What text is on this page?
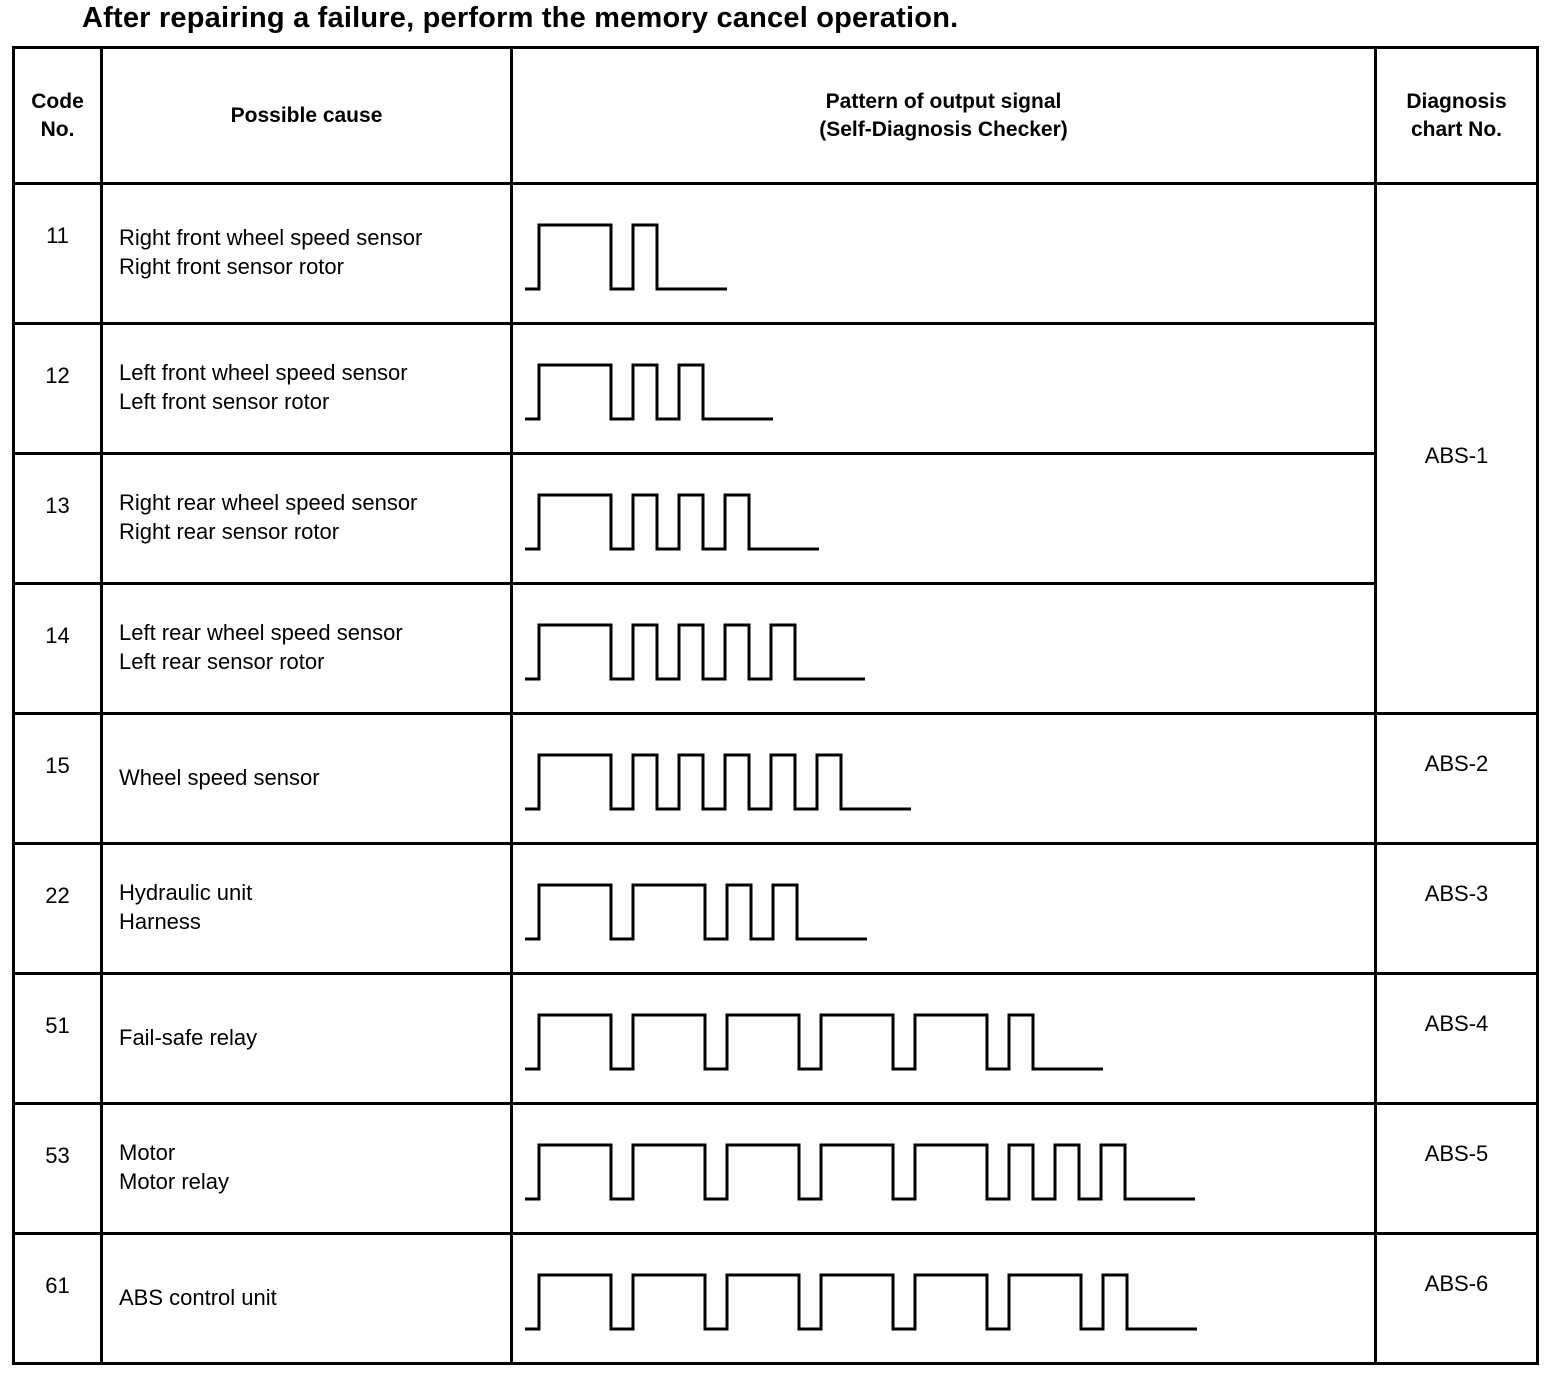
After repairing a failure, perform the memory cancel operation.
Code No.	Possible cause	Pattern of output signal
(Self-Diagnosis Checker)	Diagnosis chart No.

11	Right front wheel speed sensor
Right front sensor rotor		ABS-1

12	Left front wheel speed sensor
Left front sensor rotor

13	Right rear wheel speed sensor
Right rear sensor rotor

14	Left rear wheel speed sensor
Left rear sensor rotor

15	Wheel speed sensor		ABS-2

22	Hydraulic unit
Harness		ABS-3

51	Fail-safe relay		ABS-4

53	Motor
Motor relay		ABS-5

61	ABS control unit		ABS-6
